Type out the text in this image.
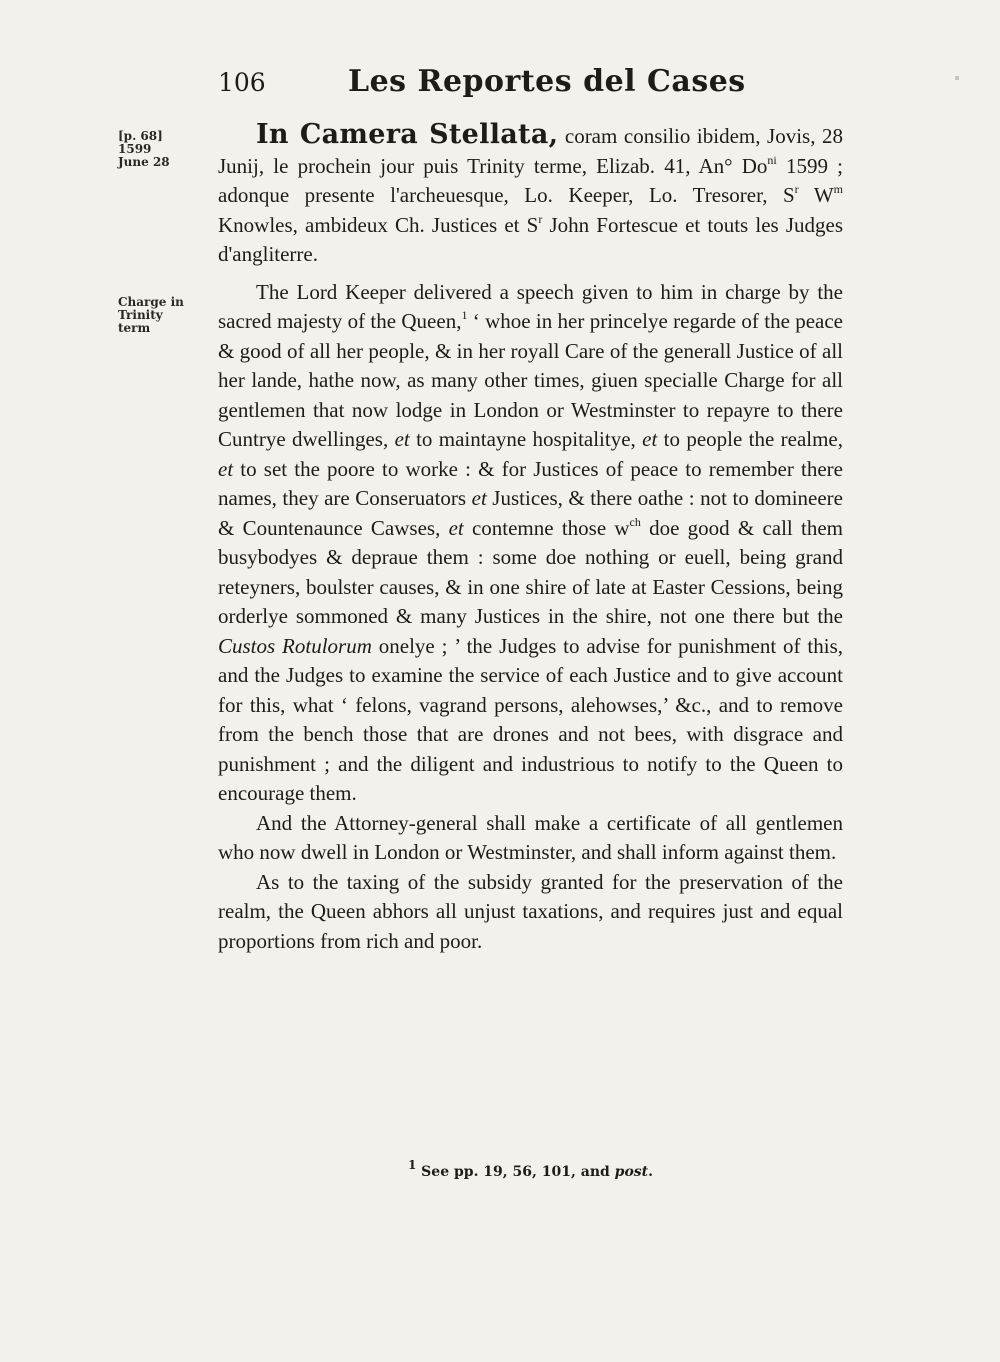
106	Les Reportes del Cases
[p. 68]
1599
June 28
Charge in
Trinity
term

In Camera Stellata, coram consilio ibidem, Jovis, 28 Junij, le prochein jour puis Trinity terme, Elizab. 41, An° $Do^{ni}$ 1599 ; adonque presente l'archeuesque, Lo. Keeper, Lo. Tresorer, $S^r$ $W^m$ Knowles, ambideux Ch. Justices et $S^r$ John Fortescue et touts les Judges d'angliterre.

The Lord Keeper delivered a speech given to him in charge by the sacred majesty of the Queen,$^1$ ‘ whoe in her princelye regarde of the peace & good of all her people, & in her royall Care of the generall Justice of all her lande, hathe now, as many other times, giuen specialle Charge for all gentlemen that now lodge in London or Westminster to repayre to there Cuntrye dwellinges, et to maintayne hospitalitye, et to people the realme, et to set the poore to worke : & for Justices of peace to remember there names, they are Conseruators et Justices, & there oathe : not to domineere & Countenaunce Cawses, et contemne those $w^{ch}$ doe good & call them busybodyes & depraue them : some doe nothing or euell, being grand reteyners, boulster causes, & in one shire of late at Easter Cessions, being orderlye sommoned & many Justices in the shire, not one there but the Custos Rotulorum onelye ; ’ the Judges to advise for punishment of this, and the Judges to examine the service of each Justice and to give account for this, what ‘ felons, vagrand persons, alehowses,’ &c., and to remove from the bench those that are drones and not bees, with disgrace and punishment ; and the diligent and industrious to notify to the Queen to encourage them.

And the Attorney-general shall make a certificate of all gentlemen who now dwell in London or Westminster, and shall inform against them.

As to the taxing of the subsidy granted for the preservation of the realm, the Queen abhors all unjust taxations, and requires just and equal proportions from rich and poor.

$^1$ See pp. 19, 56, 101, and post.
